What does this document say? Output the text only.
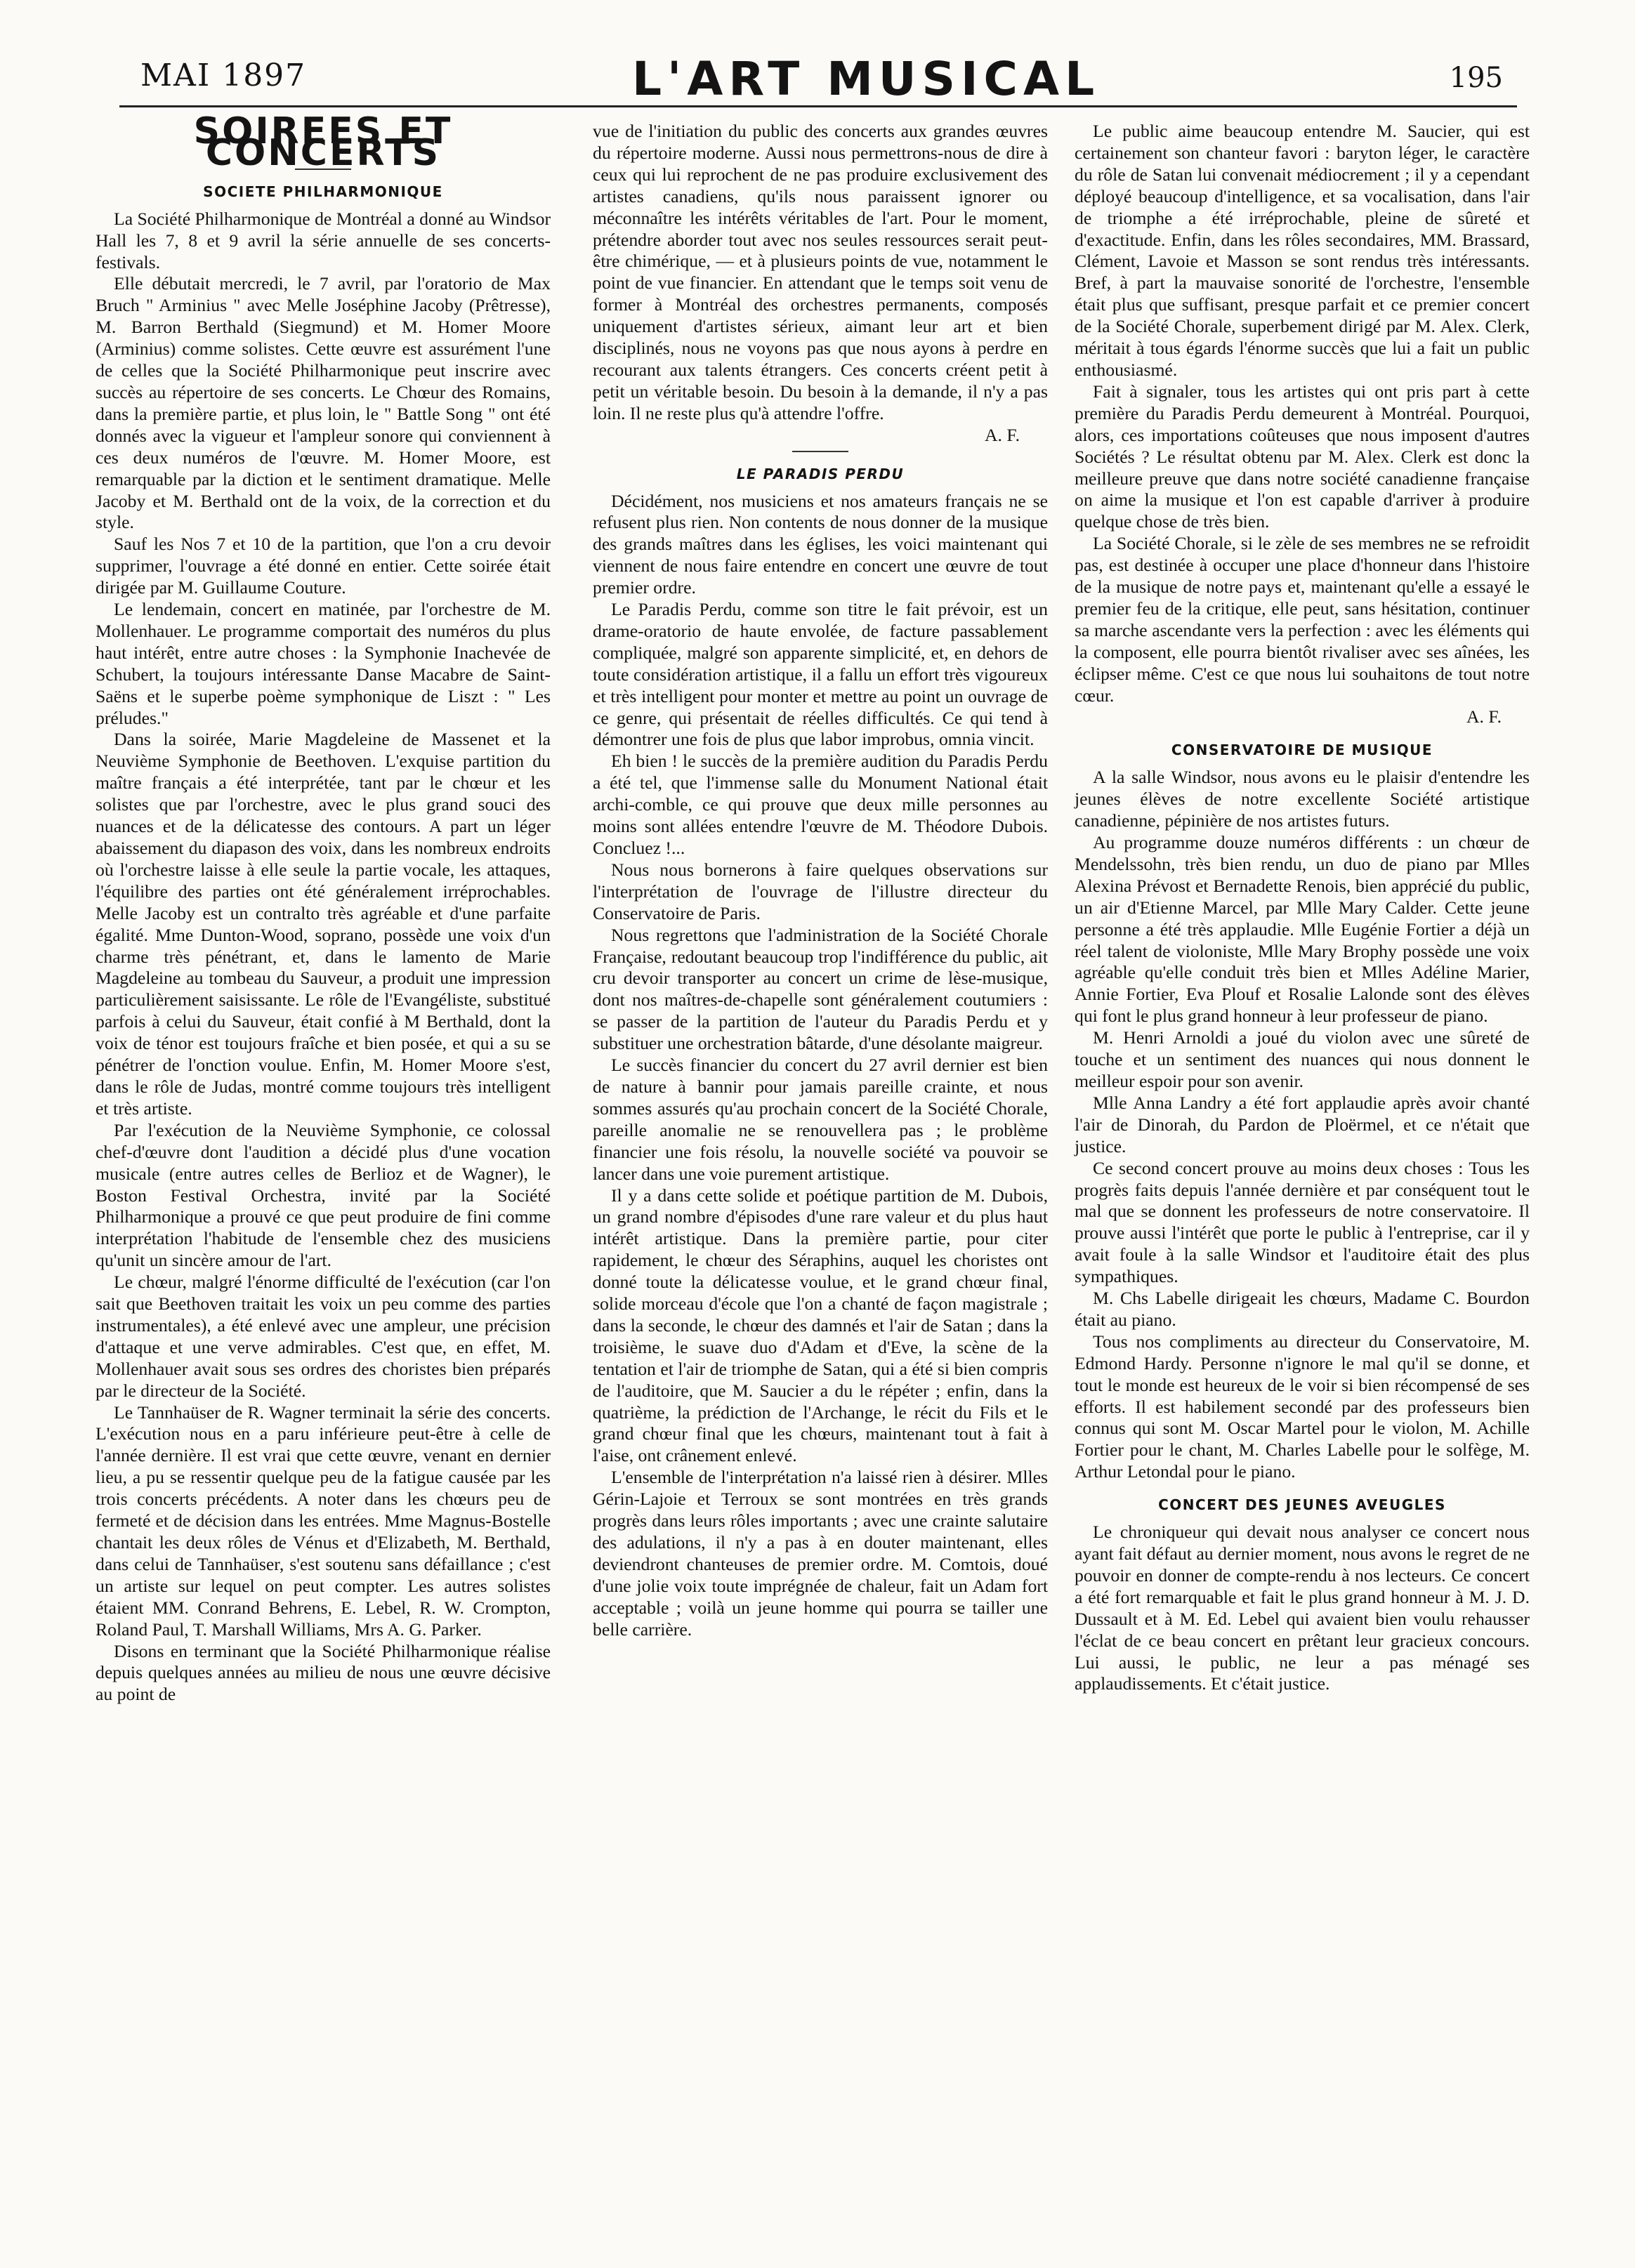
MAI 1897	L'ART MUSICAL	195
SOIREES ET CONCERTS
SOCIETE PHILHARMONIQUE

La Société Philharmonique de Montréal a donné au Windsor Hall les 7, 8 et 9 avril la série annuelle de ses concerts-festivals.

Elle débutait mercredi, le 7 avril, par l'oratorio de Max Bruch " Arminius " avec Melle Joséphine Jacoby (Prêtresse), M. Barron Berthald (Siegmund) et M. Homer Moore (Arminius) comme solistes. Cette œuvre est assurément l'une de celles que la Société Philharmonique peut inscrire avec succès au répertoire de ses concerts. Le Chœur des Romains, dans la première partie, et plus loin, le " Battle Song " ont été donnés avec la vigueur et l'ampleur sonore qui conviennent à ces deux numéros de l'œuvre. M. Homer Moore, est remarquable par la diction et le sentiment dramatique. Melle Jacoby et M. Berthald ont de la voix, de la correction et du style.

Sauf les Nos 7 et 10 de la partition, que l'on a cru devoir supprimer, l'ouvrage a été donné en entier. Cette soirée était dirigée par M. Guillaume Couture.

Le lendemain, concert en matinée, par l'orchestre de M. Mollenhauer. Le programme comportait des numéros du plus haut intérêt, entre autre choses : la Symphonie Inachevée de Schubert, la toujours intéressante Danse Macabre de Saint-Saëns et le superbe poème symphonique de Liszt : " Les préludes."

Dans la soirée, Marie Magdeleine de Massenet et la Neuvième Symphonie de Beethoven. L'exquise partition du maître français a été interprétée, tant par le chœur et les solistes que par l'orchestre, avec le plus grand souci des nuances et de la délicatesse des contours. A part un léger abaissement du diapason des voix, dans les nombreux endroits où l'orchestre laisse à elle seule la partie vocale, les attaques, l'équilibre des parties ont été généralement irréprochables. Melle Jacoby est un contralto très agréable et d'une parfaite égalité. Mme Dunton-Wood, soprano, possède une voix d'un charme très pénétrant, et, dans le lamento de Marie Magdeleine au tombeau du Sauveur, a produit une impression particulièrement saisissante. Le rôle de l'Evangéliste, substitué parfois à celui du Sauveur, était confié à M Berthald, dont la voix de ténor est toujours fraîche et bien posée, et qui a su se pénétrer de l'onction voulue. Enfin, M. Homer Moore s'est, dans le rôle de Judas, montré comme toujours très intelligent et très artiste.

Par l'exécution de la Neuvième Symphonie, ce colossal chef-d'œuvre dont l'audition a décidé plus d'une vocation musicale (entre autres celles de Berlioz et de Wagner), le Boston Festival Orchestra, invité par la Société Philharmonique a prouvé ce que peut produire de fini comme interprétation l'habitude de l'ensemble chez des musiciens qu'unit un sincère amour de l'art.

Le chœur, malgré l'énorme difficulté de l'exécution (car l'on sait que Beethoven traitait les voix un peu comme des parties instrumentales), a été enlevé avec une ampleur, une précision d'attaque et une verve admirables. C'est que, en effet, M. Mollenhauer avait sous ses ordres des choristes bien préparés par le directeur de la Société.

Le Tannhaüser de R. Wagner terminait la série des concerts. L'exécution nous en a paru inférieure peut-être à celle de l'année dernière. Il est vrai que cette œuvre, venant en dernier lieu, a pu se ressentir quelque peu de la fatigue causée par les trois concerts précédents. A noter dans les chœurs peu de fermeté et de décision dans les entrées. Mme Magnus-Bostelle chantait les deux rôles de Vénus et d'Elizabeth, M. Berthald, dans celui de Tannhaüser, s'est soutenu sans défaillance ; c'est un artiste sur lequel on peut compter. Les autres solistes étaient MM. Conrand Behrens, E. Lebel, R. W. Crompton, Roland Paul, T. Marshall Williams, Mrs A. G. Parker.

Disons en terminant que la Société Philharmonique réalise depuis quelques années au milieu de nous une œuvre décisive au point de

vue de l'initiation du public des concerts aux grandes œuvres du répertoire moderne. Aussi nous permettrons-nous de dire à ceux qui lui reprochent de ne pas produire exclusivement des artistes canadiens, qu'ils nous paraissent ignorer ou méconnaître les intérêts véritables de l'art. Pour le moment, prétendre aborder tout avec nos seules ressources serait peut-être chimérique, — et à plusieurs points de vue, notamment le point de vue financier. En attendant que le temps soit venu de former à Montréal des orchestres permanents, composés uniquement d'artistes sérieux, aimant leur art et bien disciplinés, nous ne voyons pas que nous ayons à perdre en recourant aux talents étrangers. Ces concerts créent petit à petit un véritable besoin. Du besoin à la demande, il n'y a pas loin. Il ne reste plus qu'à attendre l'offre.

A. F.
LE PARADIS PERDU

Décidément, nos musiciens et nos amateurs français ne se refusent plus rien. Non contents de nous donner de la musique des grands maîtres dans les églises, les voici maintenant qui viennent de nous faire entendre en concert une œuvre de tout premier ordre.

Le Paradis Perdu, comme son titre le fait prévoir, est un drame-oratorio de haute envolée, de facture passablement compliquée, malgré son apparente simplicité, et, en dehors de toute considération artistique, il a fallu un effort très vigoureux et très intelligent pour monter et mettre au point un ouvrage de ce genre, qui présentait de réelles difficultés. Ce qui tend à démontrer une fois de plus que labor improbus, omnia vincit.

Eh bien ! le succès de la première audition du Paradis Perdu a été tel, que l'immense salle du Monument National était archi-comble, ce qui prouve que deux mille personnes au moins sont allées entendre l'œuvre de M. Théodore Dubois. Concluez !...

Nous nous bornerons à faire quelques observations sur l'interprétation de l'ouvrage de l'illustre directeur du Conservatoire de Paris.

Nous regrettons que l'administration de la Société Chorale Française, redoutant beaucoup trop l'indifférence du public, ait cru devoir transporter au concert un crime de lèse-musique, dont nos maîtres-de-chapelle sont généralement coutumiers : se passer de la partition de l'auteur du Paradis Perdu et y substituer une orchestration bâtarde, d'une désolante maigreur.

Le succès financier du concert du 27 avril dernier est bien de nature à bannir pour jamais pareille crainte, et nous sommes assurés qu'au prochain concert de la Société Chorale, pareille anomalie ne se renouvellera pas ; le problème financier une fois résolu, la nouvelle société va pouvoir se lancer dans une voie purement artistique.

Il y a dans cette solide et poétique partition de M. Dubois, un grand nombre d'épisodes d'une rare valeur et du plus haut intérêt artistique. Dans la première partie, pour citer rapidement, le chœur des Séraphins, auquel les choristes ont donné toute la délicatesse voulue, et le grand chœur final, solide morceau d'école que l'on a chanté de façon magistrale ; dans la seconde, le chœur des damnés et l'air de Satan ; dans la troisième, le suave duo d'Adam et d'Eve, la scène de la tentation et l'air de triomphe de Satan, qui a été si bien compris de l'auditoire, que M. Saucier a du le répéter ; enfin, dans la quatrième, la prédiction de l'Archange, le récit du Fils et le grand chœur final que les chœurs, maintenant tout à fait à l'aise, ont crânement enlevé.

L'ensemble de l'interprétation n'a laissé rien à désirer. Mlles Gérin-Lajoie et Terroux se sont montrées en très grands progrès dans leurs rôles importants ; avec une crainte salutaire des adulations, il n'y a pas à en douter maintenant, elles deviendront chanteuses de premier ordre. M. Comtois, doué d'une jolie voix toute imprégnée de chaleur, fait un Adam fort acceptable ; voilà un jeune homme qui pourra se tailler une belle carrière.

Le public aime beaucoup entendre M. Saucier, qui est certainement son chanteur favori : baryton léger, le caractère du rôle de Satan lui convenait médiocrement ; il y a cependant déployé beaucoup d'intelligence, et sa vocalisation, dans l'air de triomphe a été irréprochable, pleine de sûreté et d'exactitude. Enfin, dans les rôles secondaires, MM. Brassard, Clément, Lavoie et Masson se sont rendus très intéressants. Bref, à part la mauvaise sonorité de l'orchestre, l'ensemble était plus que suffisant, presque parfait et ce premier concert de la Société Chorale, superbement dirigé par M. Alex. Clerk, méritait à tous égards l'énorme succès que lui a fait un public enthousiasmé.

Fait à signaler, tous les artistes qui ont pris part à cette première du Paradis Perdu demeurent à Montréal. Pourquoi, alors, ces importations coûteuses que nous imposent d'autres Sociétés ? Le résultat obtenu par M. Alex. Clerk est donc la meilleure preuve que dans notre société canadienne française on aime la musique et l'on est capable d'arriver à produire quelque chose de très bien.

La Société Chorale, si le zèle de ses membres ne se refroidit pas, est destinée à occuper une place d'honneur dans l'histoire de la musique de notre pays et, maintenant qu'elle a essayé le premier feu de la critique, elle peut, sans hésitation, continuer sa marche ascendante vers la perfection : avec les éléments qui la composent, elle pourra bientôt rivaliser avec ses aînées, les éclipser même. C'est ce que nous lui souhaitons de tout notre cœur.

A. F.
CONSERVATOIRE DE MUSIQUE

A la salle Windsor, nous avons eu le plaisir d'entendre les jeunes élèves de notre excellente Société artistique canadienne, pépinière de nos artistes futurs.

Au programme douze numéros différents : un chœur de Mendelssohn, très bien rendu, un duo de piano par Mlles Alexina Prévost et Bernadette Renois, bien apprécié du public, un air d'Etienne Marcel, par Mlle Mary Calder. Cette jeune personne a été très applaudie. Mlle Eugénie Fortier a déjà un réel talent de violoniste, Mlle Mary Brophy possède une voix agréable qu'elle conduit très bien et Mlles Adéline Marier, Annie Fortier, Eva Plouf et Rosalie Lalonde sont des élèves qui font le plus grand honneur à leur professeur de piano.

M. Henri Arnoldi a joué du violon avec une sûreté de touche et un sentiment des nuances qui nous donnent le meilleur espoir pour son avenir.

Mlle Anna Landry a été fort applaudie après avoir chanté l'air de Dinorah, du Pardon de Ploërmel, et ce n'était que justice.

Ce second concert prouve au moins deux choses : Tous les progrès faits depuis l'année dernière et par conséquent tout le mal que se donnent les professeurs de notre conservatoire. Il prouve aussi l'intérêt que porte le public à l'entreprise, car il y avait foule à la salle Windsor et l'auditoire était des plus sympathiques.

M. Chs Labelle dirigeait les chœurs, Madame C. Bourdon était au piano.

Tous nos compliments au directeur du Conservatoire, M. Edmond Hardy. Personne n'ignore le mal qu'il se donne, et tout le monde est heureux de le voir si bien récompensé de ses efforts. Il est habilement secondé par des professeurs bien connus qui sont M. Oscar Martel pour le violon, M. Achille Fortier pour le chant, M. Charles Labelle pour le solfège, M. Arthur Letondal pour le piano.

CONCERT DES JEUNES AVEUGLES

Le chroniqueur qui devait nous analyser ce concert nous ayant fait défaut au dernier moment, nous avons le regret de ne pouvoir en donner de compte-rendu à nos lecteurs. Ce concert a été fort remarquable et fait le plus grand honneur à M. J. D. Dussault et à M. Ed. Lebel qui avaient bien voulu rehausser l'éclat de ce beau concert en prêtant leur gracieux concours. Lui aussi, le public, ne leur a pas ménagé ses applaudissements. Et c'était justice.
